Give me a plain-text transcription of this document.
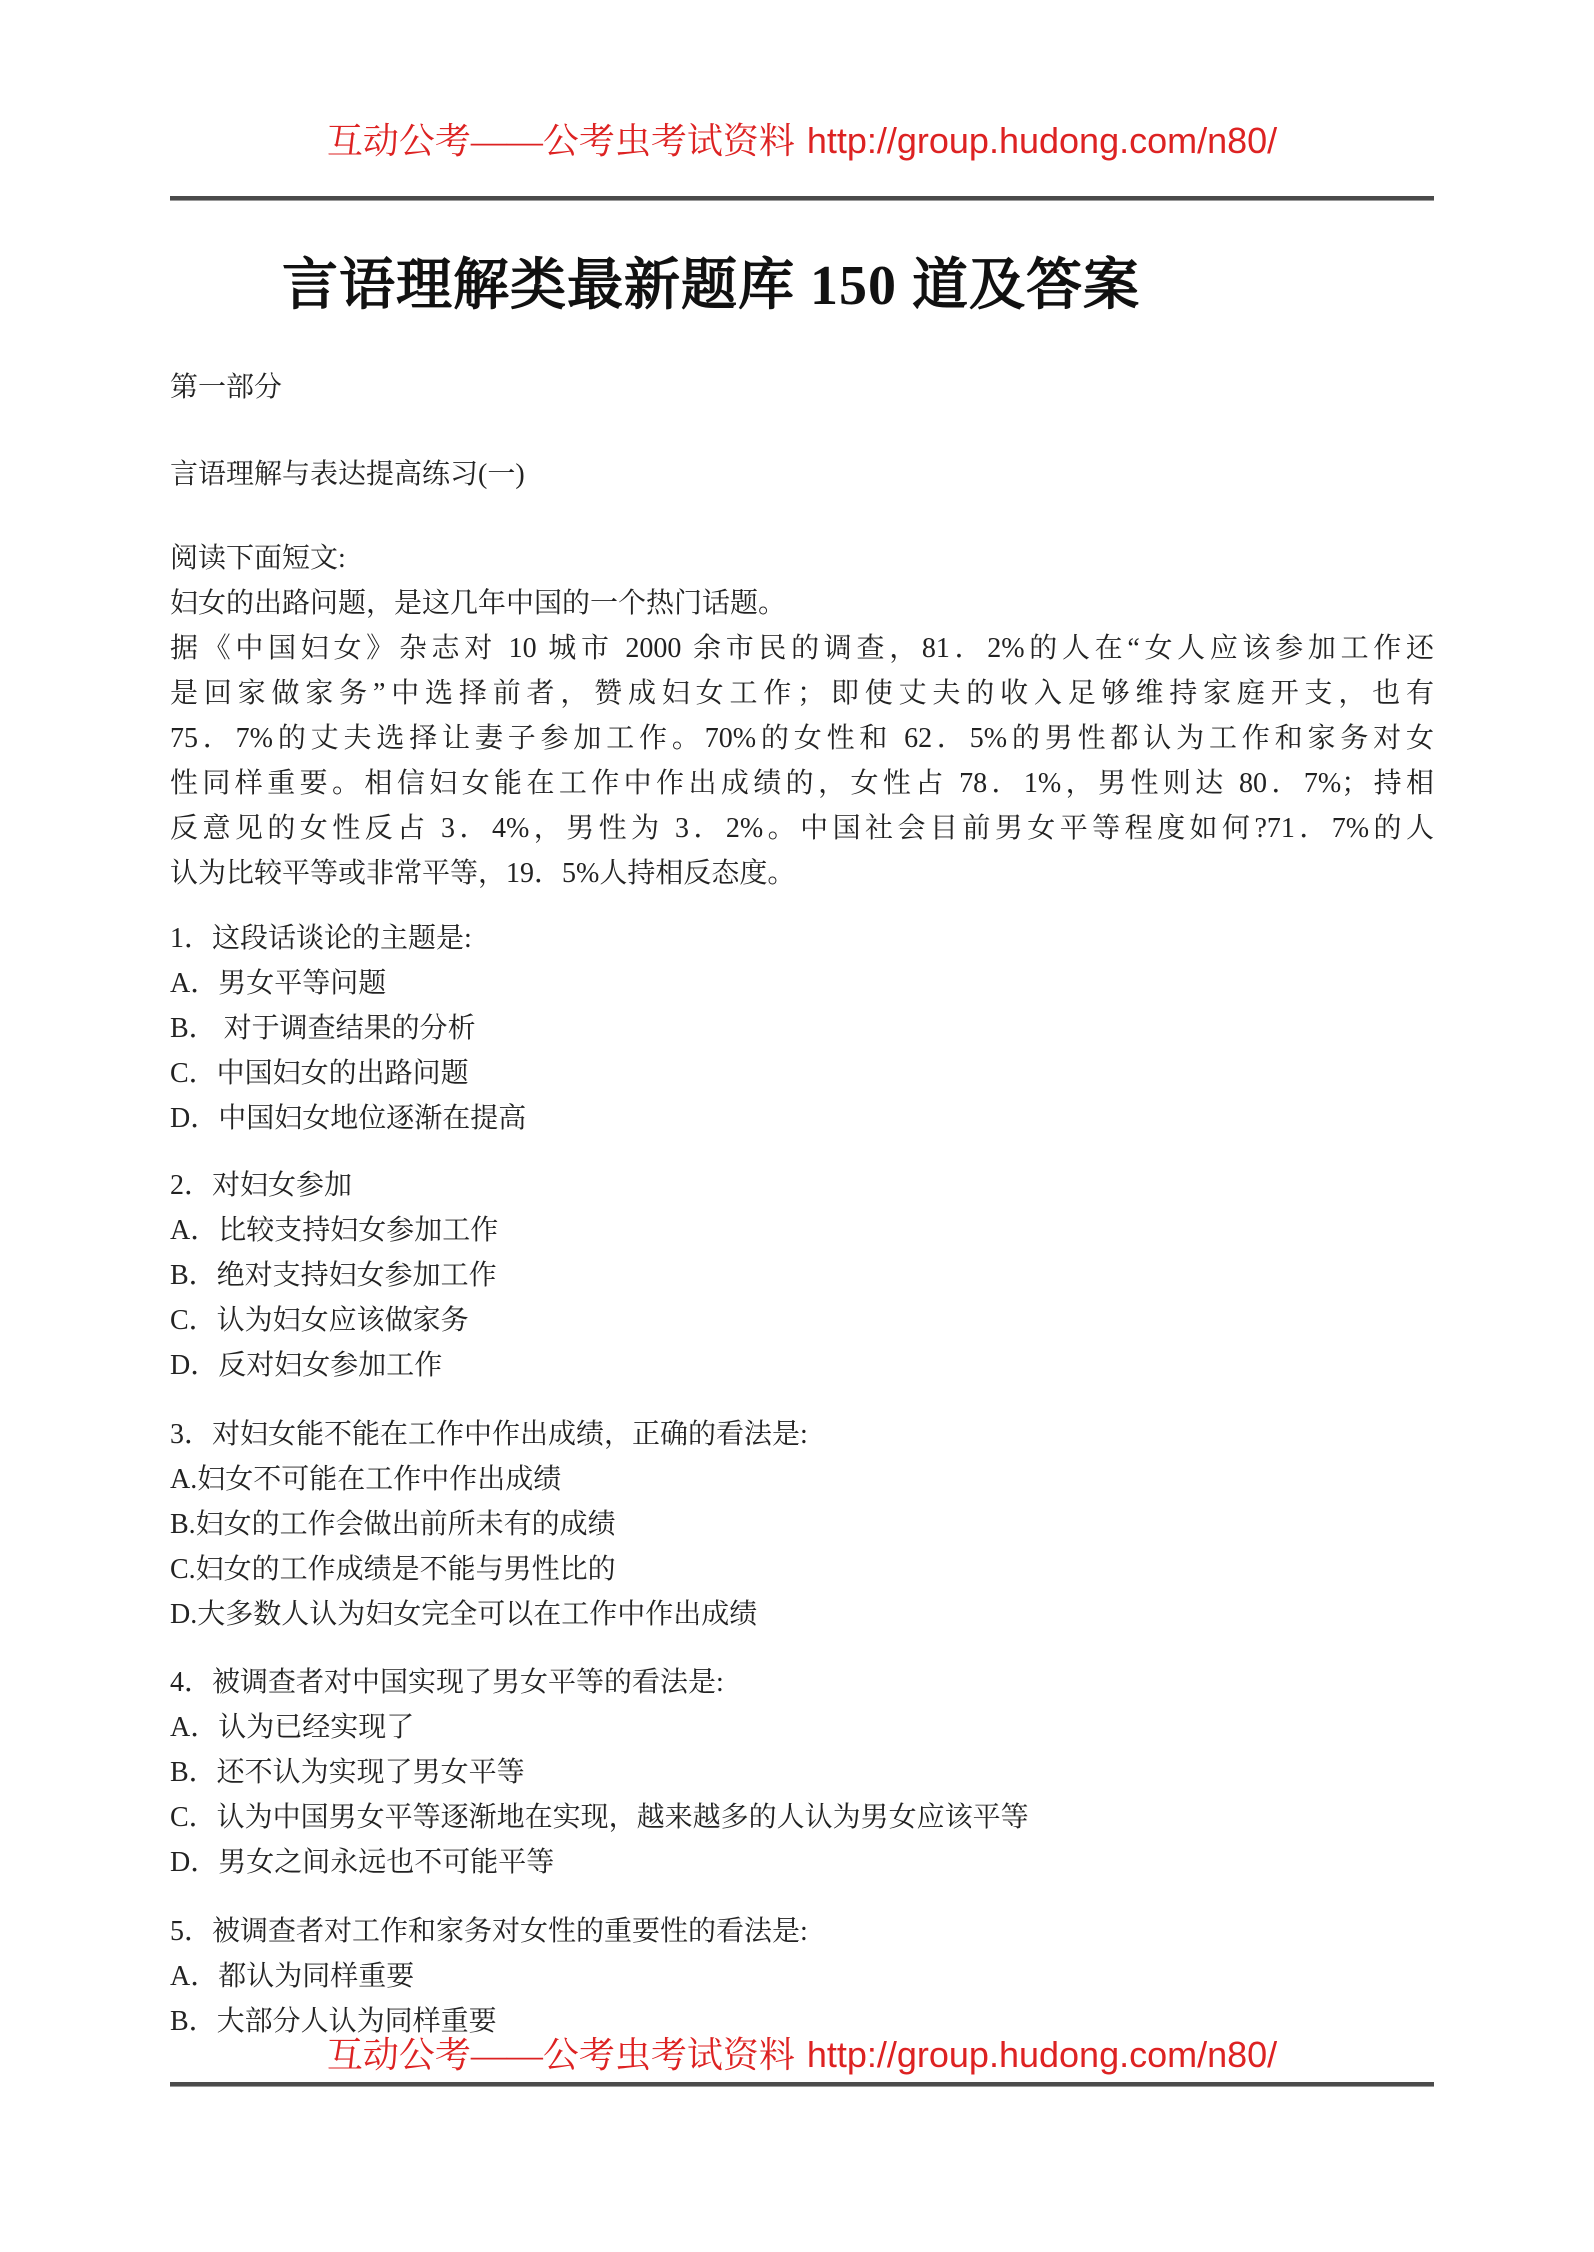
互动公考——公考虫考试资料 http://group.hudong.com/n80/
言语理解类最新题库 150 道及答案
第一部分
言语理解与表达提高练习(一)
阅读下面短文:
妇女的出路问题，是这几年中国的一个热门话题。
据《中国妇女》杂志对 10 城市 2000 余市民的调查，81．2%的人在“女人应该参加工作还
是回家做家务”中选择前者，赞成妇女工作；即使丈夫的收入足够维持家庭开支，也有
75．7%的丈夫选择让妻子参加工作。70%的女性和 62．5%的男性都认为工作和家务对女
性同样重要。相信妇女能在工作中作出成绩的，女性占 78．1%，男性则达 80．7%；持相
反意见的女性反占 3．4%，男性为 3．2%。中国社会目前男女平等程度如何?71．7%的人
认为比较平等或非常平等，19．5%人持相反态度。
1．这段话谈论的主题是:
A．男女平等问题
B． 对于调查结果的分析
C．中国妇女的出路问题
D．中国妇女地位逐渐在提高
2．对妇女参加
A．比较支持妇女参加工作
B．绝对支持妇女参加工作
C．认为妇女应该做家务
D．反对妇女参加工作
3．对妇女能不能在工作中作出成绩，正确的看法是:
A.妇女不可能在工作中作出成绩
B.妇女的工作会做出前所未有的成绩
C.妇女的工作成绩是不能与男性比的
D.大多数人认为妇女完全可以在工作中作出成绩
4．被调查者对中国实现了男女平等的看法是:
A．认为已经实现了
B．还不认为实现了男女平等
C．认为中国男女平等逐渐地在实现，越来越多的人认为男女应该平等
D．男女之间永远也不可能平等
5．被调查者对工作和家务对女性的重要性的看法是:
A．都认为同样重要
B．大部分人认为同样重要
互动公考——公考虫考试资料 http://group.hudong.com/n80/
